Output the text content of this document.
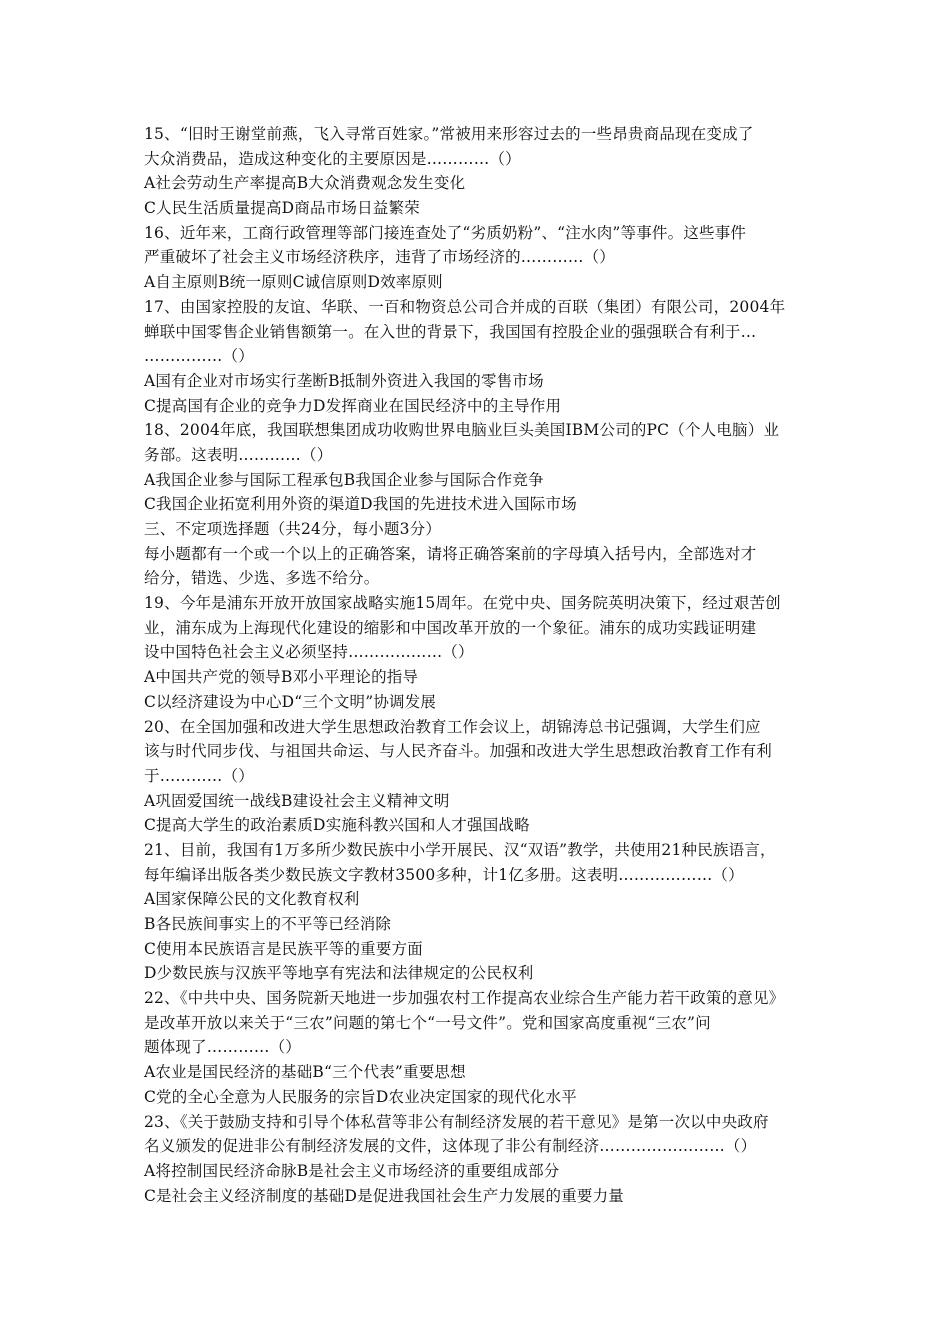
15、“旧时王谢堂前燕，飞入寻常百姓家。”常被用来形容过去的一些昂贵商品现在变成了
大众消费品，造成这种变化的主要原因是…………（）
A社会劳动生产率提高B大众消费观念发生变化
C人民生活质量提高D商品市场日益繁荣
16、近年来，工商行政管理等部门接连查处了“劣质奶粉”、“注水肉”等事件。这些事件
严重破坏了社会主义市场经济秩序，违背了市场经济的…………（）
A自主原则B统一原则C诚信原则D效率原则
17、由国家控股的友谊、华联、一百和物资总公司合并成的百联（集团）有限公司，2004年
蝉联中国零售企业销售额第一。在入世的背景下，我国国有控股企业的强强联合有利于…
……………（）
A国有企业对市场实行垄断B抵制外资进入我国的零售市场
C提高国有企业的竞争力D发挥商业在国民经济中的主导作用
18、2004年底，我国联想集团成功收购世界电脑业巨头美国IBM公司的PC（个人电脑）业
务部。这表明…………（）
A我国企业参与国际工程承包B我国企业参与国际合作竞争
C我国企业拓宽利用外资的渠道D我国的先进技术进入国际市场
三、不定项选择题（共24分，每小题3分）
每小题都有一个或一个以上的正确答案，请将正确答案前的字母填入括号内，全部选对才
给分，错选、少选、多选不给分。
19、今年是浦东开放开放国家战略实施15周年。在党中央、国务院英明决策下，经过艰苦创
业，浦东成为上海现代化建设的缩影和中国改革开放的一个象征。浦东的成功实践证明建
设中国特色社会主义必须坚持………………（）
A中国共产党的领导B邓小平理论的指导
C以经济建设为中心D“三个文明”协调发展
20、在全国加强和改进大学生思想政治教育工作会议上，胡锦涛总书记强调，大学生们应
该与时代同步伐、与祖国共命运、与人民齐奋斗。加强和改进大学生思想政治教育工作有利
于…………（）
A巩固爱国统一战线B建设社会主义精神文明
C提高大学生的政治素质D实施科教兴国和人才强国战略
21、目前，我国有1万多所少数民族中小学开展民、汉“双语”教学，共使用21种民族语言，
每年编译出版各类少数民族文字教材3500多种，计1亿多册。这表明………………（）
A国家保障公民的文化教育权利
B各民族间事实上的不平等已经消除
C使用本民族语言是民族平等的重要方面
D少数民族与汉族平等地享有宪法和法律规定的公民权利
22、《中共中央、国务院新天地进一步加强农村工作提高农业综合生产能力若干政策的意见》
是改革开放以来关于“三农”问题的第七个“一号文件”。党和国家高度重视“三农”问
题体现了…………（）
A农业是国民经济的基础B“三个代表”重要思想
C党的全心全意为人民服务的宗旨D农业决定国家的现代化水平
23、《关于鼓励支持和引导个体私营等非公有制经济发展的若干意见》是第一次以中央政府
名义颁发的促进非公有制经济发展的文件，这体现了非公有制经济……………………（）
A将控制国民经济命脉B是社会主义市场经济的重要组成部分
C是社会主义经济制度的基础D是促进我国社会生产力发展的重要力量
